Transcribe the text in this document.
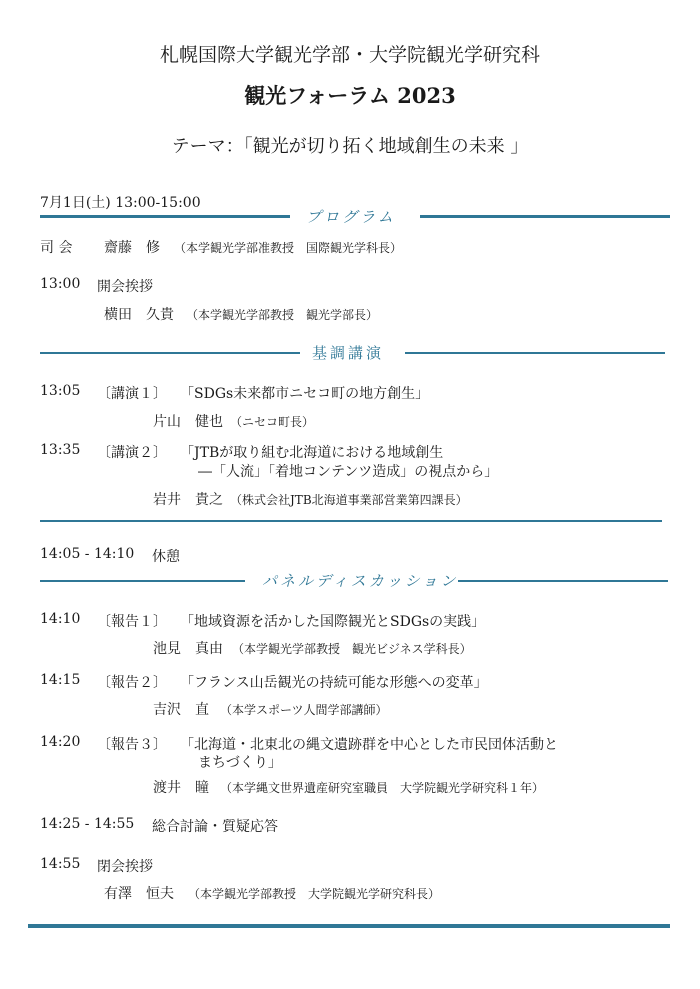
札幌国際大学観光学部・大学院観光学研究科
観光フォーラム 2023
テーマ：「観光が切り拓く地域創生の未来 」
7月1日(土) 13:00-15:00
プログラム
司 会 齋藤　修 （本学観光学部准教授　国際観光学科長）
13:00 開会挨拶
横田　久貴 （本学観光学部教授　観光学部長）
基調講演
13:05 〔講演１〕 「SDGs未来都市ニセコ町の地方創生」
片山　健也 （ニセコ町長）
13:35 〔講演２〕 「JTBが取り組む北海道における地域創生
―「人流」「着地コンテンツ造成」の視点から」
岩井　貴之 （株式会社JTB北海道事業部営業第四課長）
14:05 - 14:10 休憩
パネルディスカッション
14:10 〔報告１〕 「地域資源を活かした国際観光とSDGsの実践」
池見　真由 （本学観光学部教授　観光ビジネス学科長）
14:15 〔報告２〕 「フランス山岳観光の持続可能な形態への変革」
吉沢　直 （本学スポーツ人間学部講師）
14:20 〔報告３〕 「北海道・北東北の縄文遺跡群を中心とした市民団体活動と
まちづくり」
渡井　瞳 （本学縄文世界遺産研究室職員　大学院観光学研究科１年）
14:25 - 14:55 総合討論・質疑応答
14:55 閉会挨拶
有澤　恒夫 （本学観光学部教授　大学院観光学研究科長）
